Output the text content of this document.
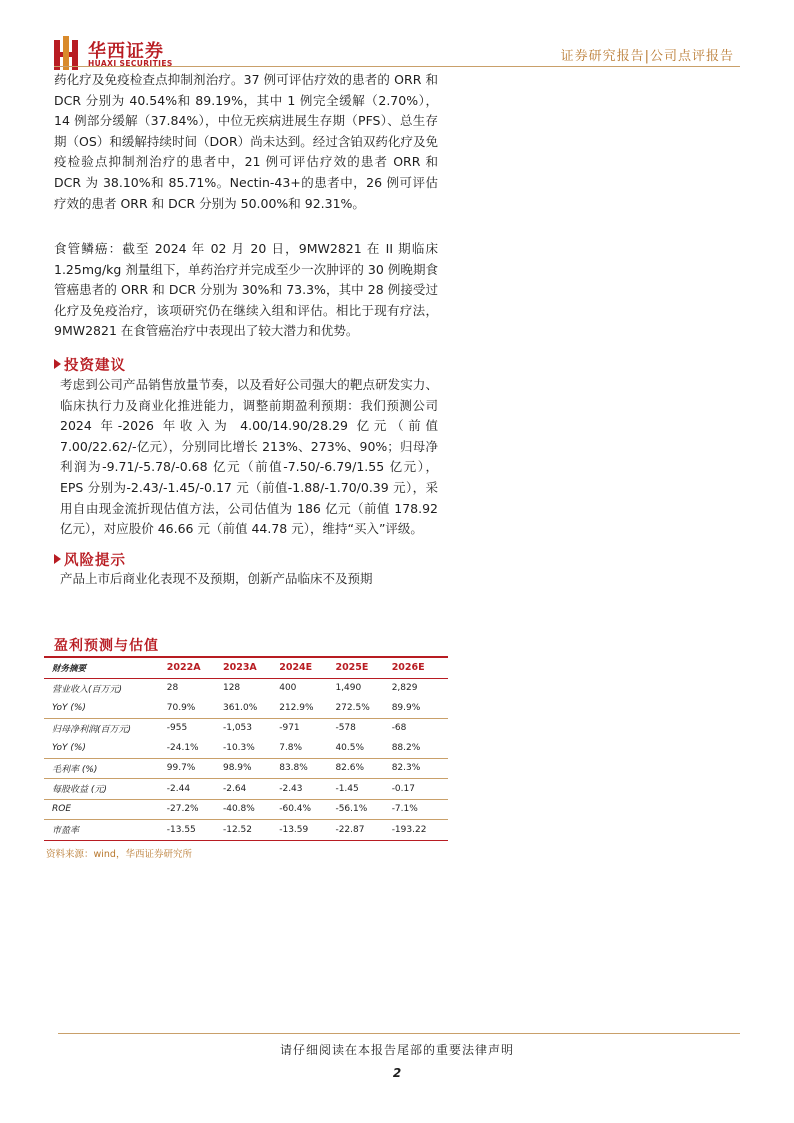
华西证券
HUAXI SECURITIES	证券研究报告|公司点评报告

药化疗及免疫检查点抑制剂治疗。37 例可评估疗效的患者的 ORR 和 DCR 分别为 40.54%和 89.19%，其中 1 例完全缓解（2.70%），14 例部分缓解（37.84%），中位无疾病进展生存期（PFS）、总生存期（OS）和缓解持续时间（DOR）尚未达到。经过含铂双药化疗及免疫检验点抑制剂治疗的患者中，21 例可评估疗效的患者 ORR 和 DCR 为 38.10%和 85.71%。Nectin-43+的患者中，26 例可评估疗效的患者 ORR 和 DCR 分别为 50.00%和 92.31%。

食管鳞癌：截至 2024 年 02 月 20 日，9MW2821 在 II 期临床 1.25mg/kg 剂量组下，单药治疗并完成至少一次肿评的 30 例晚期食管癌患者的 ORR 和 DCR 分别为 30%和 73.3%，其中 28 例接受过化疗及免疫治疗，该项研究仍在继续入组和评估。相比于现有疗法，9MW2821 在食管癌治疗中表现出了较大潜力和优势。

投资建议

考虑到公司产品销售放量节奏，以及看好公司强大的靶点研发实力、临床执行力及商业化推进能力，调整前期盈利预期：我们预测公司 2024 年-2026 年收入为 4.00/14.90/28.29 亿元（前值 7.00/22.62/-亿元），分别同比增长 213%、273%、90%；归母净利润为-9.71/-5.78/-0.68 亿元（前值-7.50/-6.79/1.55 亿元），EPS 分别为-2.43/-1.45/-0.17 元（前值-1.88/-1.70/0.39 元），采用自由现金流折现估值方法，公司估值为 186 亿元（前值 178.92 亿元），对应股价 46.66 元（前值 44.78 元），维持“买入”评级。

风险提示

产品上市后商业化表现不及预期，创新产品临床不及预期

盈利预测与估值
财务摘要	2022A	2023A	2024E	2025E	2026E
营业收入(百万元)	28	128	400	1,490	2,829
YoY (%)	70.9%	361.0%	212.9%	272.5%	89.9%
归母净利润(百万元)	-955	-1,053	-971	-578	-68
YoY (%)	-24.1%	-10.3%	7.8%	40.5%	88.2%
毛利率 (%)	99.7%	98.9%	83.8%	82.6%	82.3%
每股收益 (元)	-2.44	-2.64	-2.43	-1.45	-0.17
ROE	-27.2%	-40.8%	-60.4%	-56.1%	-7.1%
市盈率	-13.55	-12.52	-13.59	-22.87	-193.22
资料来源：wind，华西证券研究所
请仔细阅读在本报告尾部的重要法律声明
2
